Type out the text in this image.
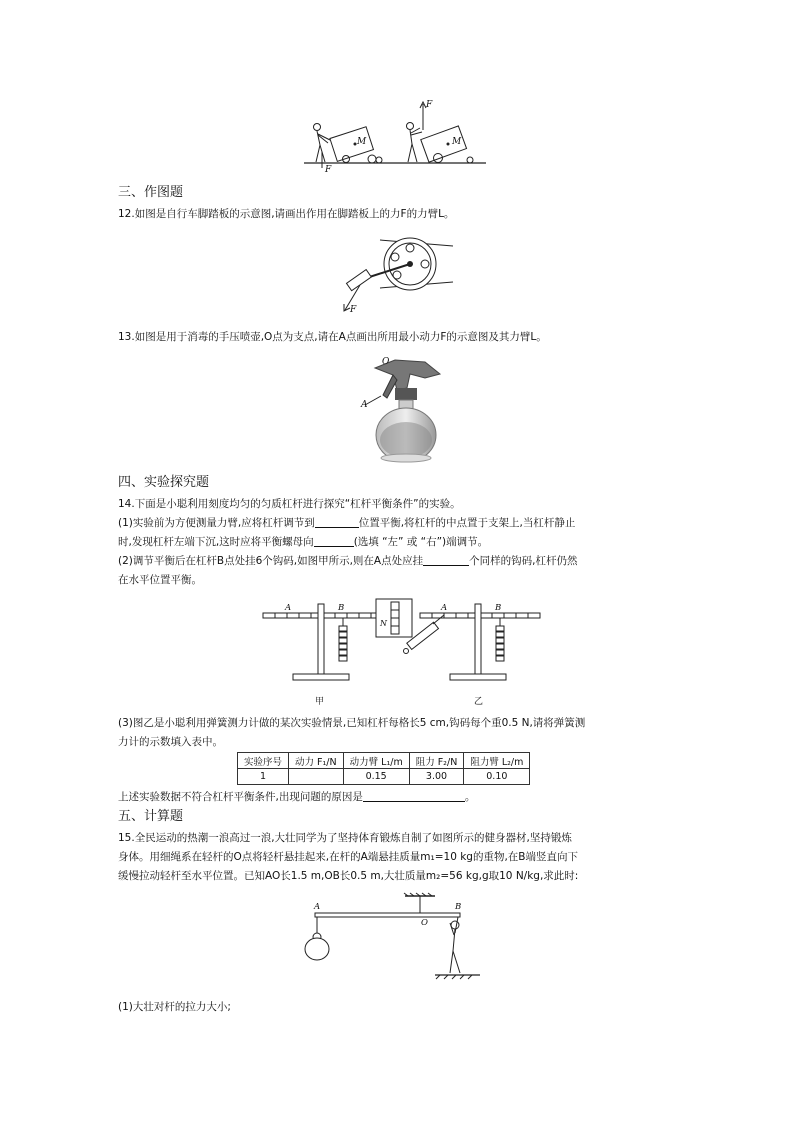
M	M
F
F
三、作图题
12.如图是自行车脚踏板的示意图,请画出作用在脚踏板上的力F的力臂L。
F
13.如图是用于消毒的手压喷壶,O点为支点,请在A点画出所用最小动力F的示意图及其力臂L。
O
A
四、实验探究题
14.下面是小聪利用刻度均匀的匀质杠杆进行探究“杠杆平衡条件”的实验。
(1)实验前为方便测量力臂,应将杠杆调节到	位置平衡,将杠杆的中点置于支架上,当杠杆静止
时,发现杠杆左端下沉,这时应将平衡螺母向	(选填 “左” 或 “右”)端调节。
(2)调节平衡后在杠杆B点处挂6个钩码,如图甲所示,则在A点处应挂	个同样的钩码,杠杆仍然
在水平位置平衡。
A	B	A	B
N
甲	乙
(3)图乙是小聪利用弹簧测力计做的某次实验情景,已知杠杆每格长5 cm,钩码每个重0.5 N,请将弹簧测
力计的示数填入表中。
实验序号	动力 F₁/N	动力臂 L₁/m	阻力 F₂/N	阻力臂 L₂/m
1		0.15	3.00	0.10
上述实验数据不符合杠杆平衡条件,出现问题的原因是	。
五、计算题
15.全民运动的热潮一浪高过一浪,大壮同学为了坚持体育锻炼自制了如图所示的健身器材,坚持锻炼
身体。用细绳系在轻杆的O点将轻杆悬挂起来,在杆的A端悬挂质量m₁=10 kg的重物,在B端竖直向下
缓慢拉动轻杆至水平位置。已知AO长1.5 m,OB长0.5 m,大壮质量m₂=56 kg,g取10 N/kg,求此时:
A
O
B
(1)大壮对杆的拉力大小;
